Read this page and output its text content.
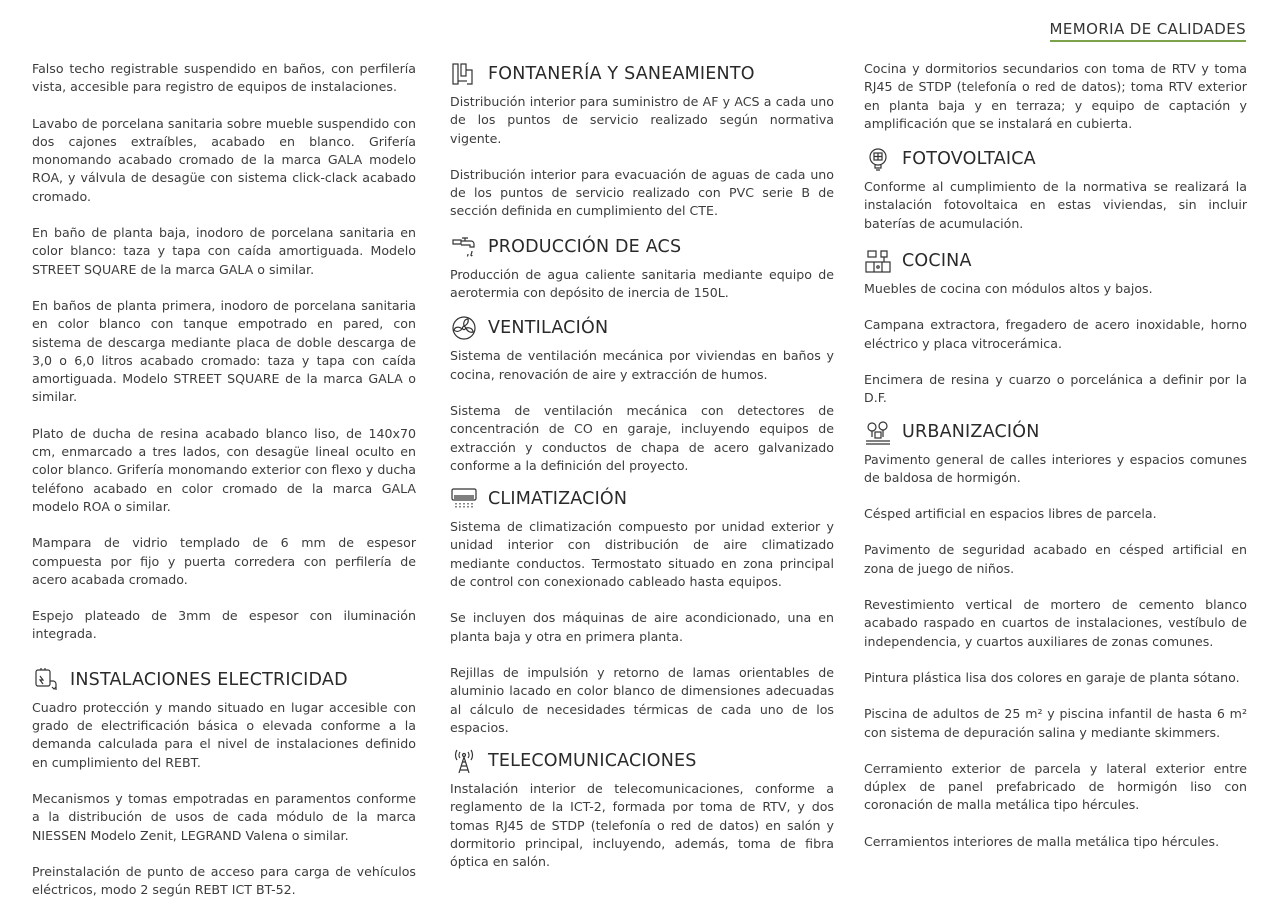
MEMORIA DE CALIDADES

Falso techo registrable suspendido en baños, con perfilería vista, accesible para registro de equipos de instalaciones.

Lavabo de porcelana sanitaria sobre mueble suspendido con dos cajones extraíbles, acabado en blanco. Grifería monomando acabado cromado de la marca GALA modelo ROA, y válvula de desagüe con sistema click-clack acabado cromado.

En baño de planta baja, inodoro de porcelana sanitaria en color blanco: taza y tapa con caída amortiguada. Modelo STREET SQUARE de la marca GALA o similar.

En baños de planta primera, inodoro de porcelana sanitaria en color blanco con tanque empotrado en pared, con sistema de descarga mediante placa de doble descarga de 3,0 o 6,0 litros acabado cromado: taza y tapa con caída amortiguada. Modelo STREET SQUARE de la marca GALA o similar.

Plato de ducha de resina acabado blanco liso, de 140x70 cm, enmarcado a tres lados, con desagüe lineal oculto en color blanco. Grifería monomando exterior con flexo y ducha teléfono acabado en color cromado de la marca GALA modelo ROA o similar.

Mampara de vidrio templado de 6 mm de espesor compuesta por fijo y puerta corredera con perfilería de acero acabada cromado.

Espejo plateado de 3mm de espesor con iluminación integrada.

INSTALACIONES ELECTRICIDAD

Cuadro protección y mando situado en lugar accesible con grado de electrificación básica o elevada conforme a la demanda calculada para el nivel de instalaciones definido en cumplimiento del REBT.

Mecanismos y tomas empotradas en paramentos conforme a la distribución de usos de cada módulo de la marca NIESSEN Modelo Zenit, LEGRAND Valena o similar.

Preinstalación de punto de acceso para carga de vehículos eléctricos, modo 2 según REBT ICT BT-52.

FONTANERÍA Y SANEAMIENTO

Distribución interior para suministro de AF y ACS a cada uno de los puntos de servicio realizado según normativa vigente.

Distribución interior para evacuación de aguas de cada uno de los puntos de servicio realizado con PVC serie B de sección definida en cumplimiento del CTE.

PRODUCCIÓN DE ACS

Producción de agua caliente sanitaria mediante equipo de aerotermia con depósito de inercia de 150L.

VENTILACIÓN

Sistema de ventilación mecánica por viviendas en baños y cocina, renovación de aire y extracción de humos.

Sistema de ventilación mecánica con detectores de concentración de CO en garaje, incluyendo equipos de extracción y conductos de chapa de acero galvanizado conforme a la definición del proyecto.

CLIMATIZACIÓN

Sistema de climatización compuesto por unidad exterior y unidad interior con distribución de aire climatizado mediante conductos. Termostato situado en zona principal de control con conexionado cableado hasta equipos.

Se incluyen dos máquinas de aire acondicionado, una en planta baja y otra en primera planta.

Rejillas de impulsión y retorno de lamas orientables de aluminio lacado en color blanco de dimensiones adecuadas al cálculo de necesidades térmicas de cada uno de los espacios.

TELECOMUNICACIONES

Instalación interior de telecomunicaciones, conforme a reglamento de la ICT-2, formada por toma de RTV, y dos tomas RJ45 de STDP (telefonía o red de datos) en salón y dormitorio principal, incluyendo, además, toma de fibra óptica en salón.

Cocina y dormitorios secundarios con toma de RTV y toma RJ45 de STDP (telefonía o red de datos); toma RTV exterior en planta baja y en terraza; y equipo de captación y amplificación que se instalará en cubierta.

FOTOVOLTAICA

Conforme al cumplimiento de la normativa se realizará la instalación fotovoltaica en estas viviendas, sin incluir baterías de acumulación.

COCINA

Muebles de cocina con módulos altos y bajos.

Campana extractora, fregadero de acero inoxidable, horno eléctrico y placa vitrocerámica.

Encimera de resina y cuarzo o porcelánica a definir por la D.F.

URBANIZACIÓN

Pavimento general de calles interiores y espacios comunes de baldosa de hormigón.

Césped artificial en espacios libres de parcela.

Pavimento de seguridad acabado en césped artificial en zona de juego de niños.

Revestimiento vertical de mortero de cemento blanco acabado raspado en cuartos de instalaciones, vestíbulo de independencia, y cuartos auxiliares de zonas comunes.

Pintura plástica lisa dos colores en garaje de planta sótano.

Piscina de adultos de 25 m² y piscina infantil de hasta 6 m² con sistema de depuración salina y mediante skimmers.

Cerramiento exterior de parcela y lateral exterior entre dúplex de panel prefabricado de hormigón liso con coronación de malla metálica tipo hércules.

Cerramientos interiores de malla metálica tipo hércules.
